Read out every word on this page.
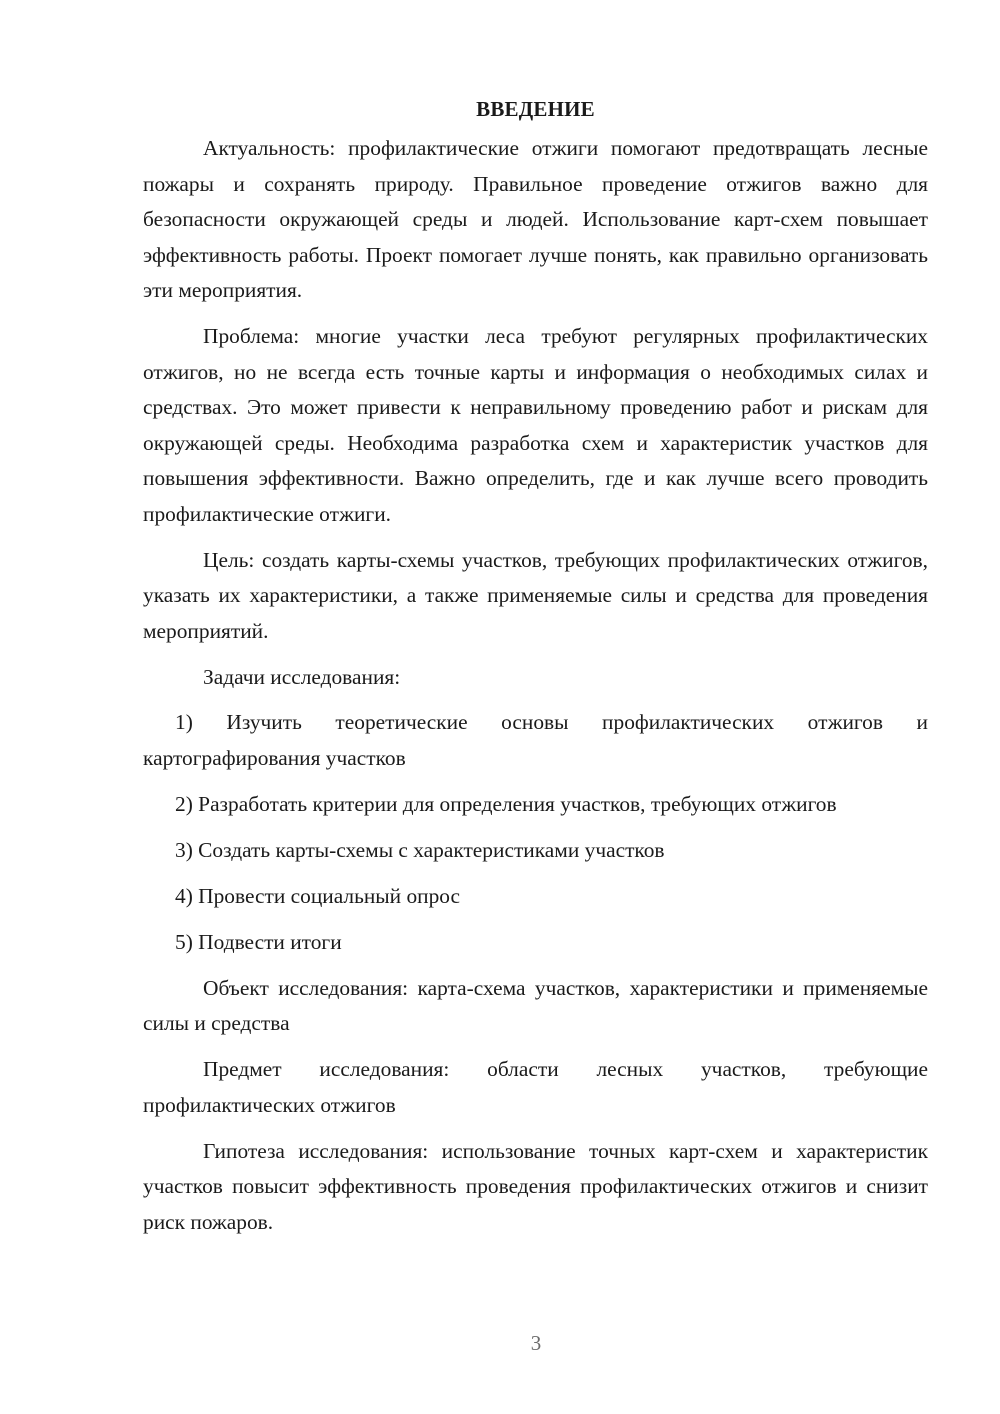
ВВЕДЕНИЕ

Актуальность: профилактические отжиги помогают предотвращать лесные пожары и сохранять природу. Правильное проведение отжигов важно для безопасности окружающей среды и людей. Использование карт-схем повышает эффективность работы. Проект помогает лучше понять, как правильно организовать эти мероприятия.

Проблема: многие участки леса требуют регулярных профилактических отжигов, но не всегда есть точные карты и информация о необходимых силах и средствах. Это может привести к неправильному проведению работ и рискам для окружающей среды. Необходима разработка схем и характеристик участков для повышения эффективности. Важно определить, где и как лучше всего проводить профилактические отжиги.

Цель: создать карты-схемы участков, требующих профилактических отжигов, указать их характеристики, а также применяемые силы и средства для проведения мероприятий.

Задачи исследования:

1) Изучить теоретические основы профилактических отжигов и картографирования участков

2) Разработать критерии для определения участков, требующих отжигов

3) Создать карты-схемы с характеристиками участков

4) Провести социальный опрос

5) Подвести итоги

Объект исследования: карта-схема участков, характеристики и применяемые силы и средства

Предмет исследования: области лесных участков, требующие профилактических отжигов

Гипотеза исследования: использование точных карт-схем и характеристик участков повысит эффективность проведения профилактических отжигов и снизит риск пожаров.

3
